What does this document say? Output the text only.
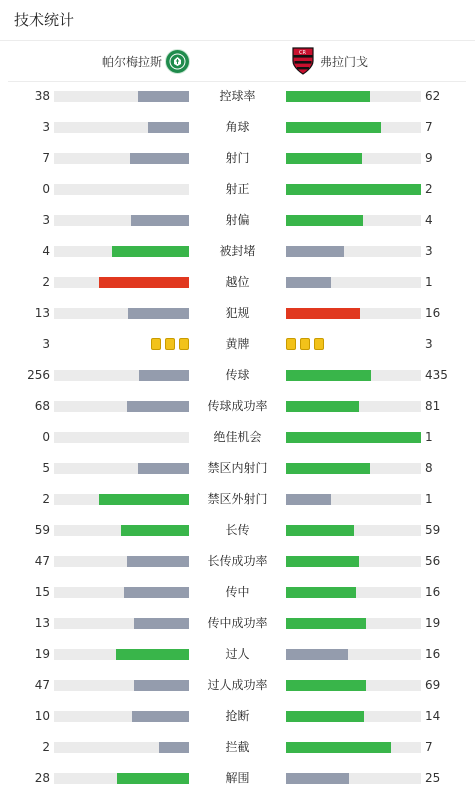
技术统计
帕尔梅拉斯	弗拉门戈
CR
38	控球率	62
3	角球	7
7	射门	9
0	射正	2
3	射偏	4
4	被封堵	3
2	越位	1
13	犯规	16
3	黄牌	3
256	传球	435
68	传球成功率	81
0	绝佳机会	1
5	禁区内射门	8
2	禁区外射门	1
59	长传	59
47	长传成功率	56
15	传中	16
13	传中成功率	19
19	过人	16
47	过人成功率	69
10	抢断	14
2	拦截	7
28	解围	25
